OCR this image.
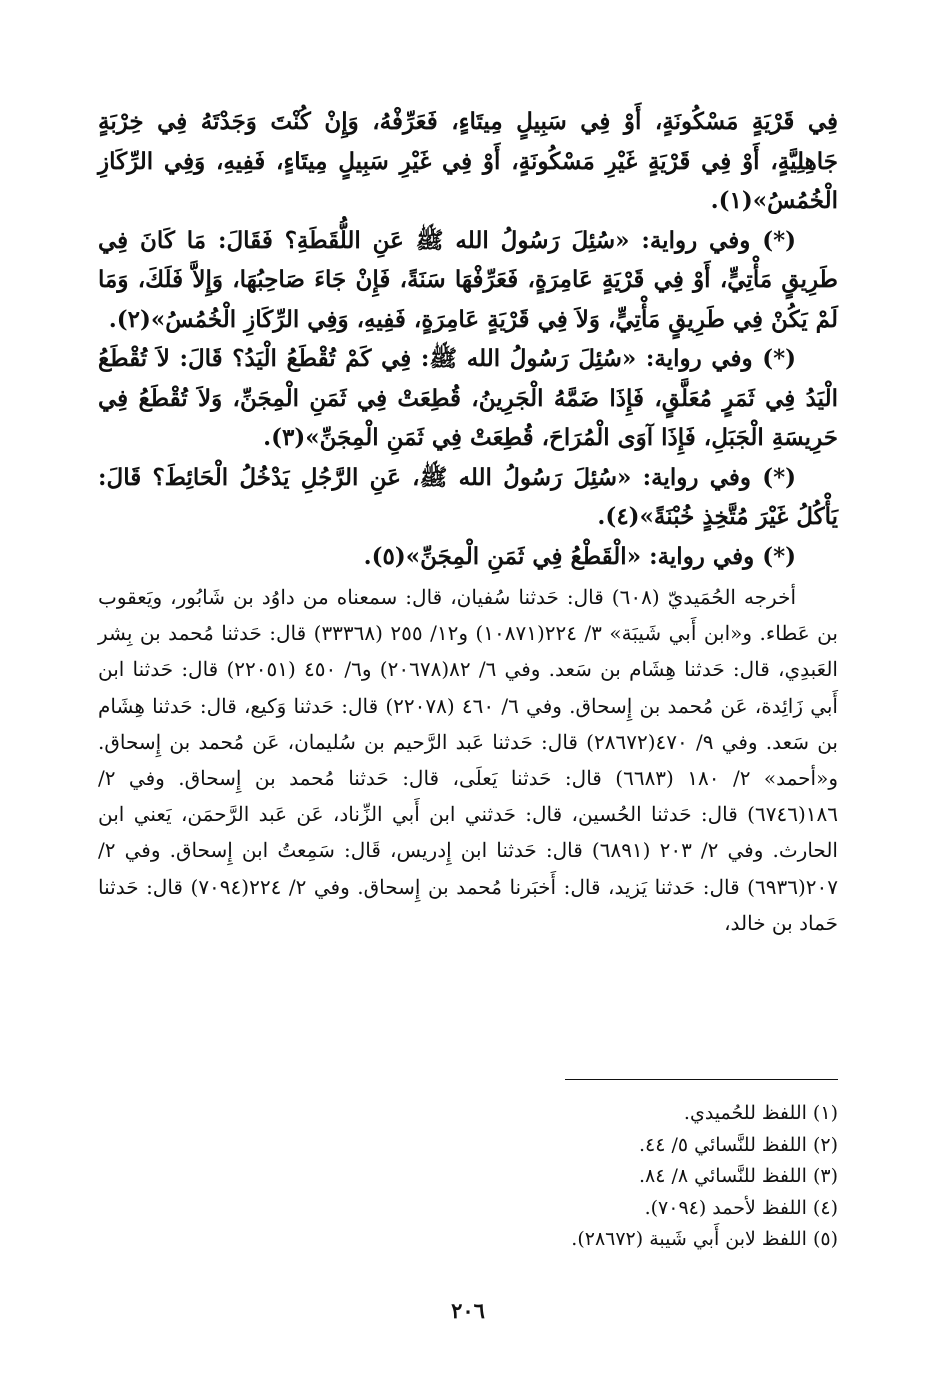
فِي قَرْيَةٍ مَسْكُونَةٍ، أَوْ فِي سَبِيلٍ مِيتَاءٍ، فَعَرِّفْهُ، وَإِنْ كُنْتَ وَجَدْتَهُ فِي خِرْبَةٍ جَاهِلِيَّةٍ، أَوْ فِي قَرْيَةٍ غَيْرِ مَسْكُونَةٍ، أَوْ فِي غَيْرِ سَبِيلٍ مِيتَاءٍ، فَفِيهِ، وَفِي الرِّكَازِ الْخُمُسُ»(١).

(*) وفي رواية: «سُئِلَ رَسُولُ الله ﷺ عَنِ اللُّقَطَةِ؟ فَقَالَ: مَا كَانَ فِي طَرِيقٍ مَأْتِيٍّ، أَوْ فِي قَرْيَةٍ عَامِرَةٍ، فَعَرِّفْهَا سَنَةً، فَإِنْ جَاءَ صَاحِبُهَا، وَإِلاَّ فَلَكَ، وَمَا لَمْ يَكُنْ فِي طَرِيقٍ مَأْتِيٍّ، وَلاَ فِي قَرْيَةٍ عَامِرَةٍ، فَفِيهِ، وَفِي الرِّكَازِ الْخُمُسُ»(٢).

(*) وفي رواية: «سُئِلَ رَسُولُ الله ﷺ: فِي كَمْ تُقْطَعُ الْيَدُ؟ قَالَ: لاَ تُقْطَعُ الْيَدُ فِي ثَمَرٍ مُعَلَّقٍ، فَإِذَا ضَمَّهُ الْجَرِينُ، قُطِعَتْ فِي ثَمَنِ الْمِجَنِّ، وَلاَ تُقْطَعُ فِي حَرِيسَةِ الْجَبَلِ، فَإِذَا آوَى الْمُرَاحَ، قُطِعَتْ فِي ثَمَنِ الْمِجَنِّ»(٣).

(*) وفي رواية: «سُئِلَ رَسُولُ الله ﷺ، عَنِ الرَّجُلِ يَدْخُلُ الْحَائِطَ؟ قَالَ: يَأْكُلُ غَيْرَ مُتَّخِذٍ خُبْنَةً»(٤).

(*) وفي رواية: «الْقَطْعُ فِي ثَمَنِ الْمِجَنِّ»(٥).

أخرجه الحُمَيديّ (٦٠٨) قال: حَدثنا سُفيان، قال: سمعناه من داوُد بن شَابُور، ويَعقوب بن عَطاء. و«ابن أَبي شَيبَة» ٣/ ٢٢٤(١٠٨٧١) و١٢/ ٢٥٥ (٣٣٣٦٨) قال: حَدثنا مُحمد بن بِشر العَبدِي، قال: حَدثنا هِشَام بن سَعد. وفي ٦/ ٨٢(٢٠٦٧٨) و٦/ ٤٥٠ (٢٢٠٥١) قال: حَدثنا ابن أَبي زَائِدة، عَن مُحمد بن إِسحاق. وفي ٦/ ٤٦٠ (٢٢٠٧٨) قال: حَدثنا وَكيع، قال: حَدثنا هِشَام بن سَعد. وفي ٩/ ٤٧٠(٢٨٦٧٢) قال: حَدثنا عَبد الرَّحيم بن سُليمان، عَن مُحمد بن إِسحاق. و«أحمد» ٢/ ١٨٠ (٦٦٨٣) قال: حَدثنا يَعلَى، قال: حَدثنا مُحمد بن إِسحاق. وفي ٢/ ١٨٦(٦٧٤٦) قال: حَدثنا الحُسين، قال: حَدثني ابن أَبي الزِّناد، عَن عَبد الرَّحمَن، يَعني ابن الحارث. وفي ٢/ ٢٠٣ (٦٨٩١) قال: حَدثنا ابن إِدريس، قَال: سَمِعتُ ابن إِسحاق. وفي ٢/ ٢٠٧(٦٩٣٦) قال: حَدثنا يَزيد، قال: أَخبَرنا مُحمد بن إِسحاق. وفي ٢/ ٢٢٤(٧٠٩٤) قال: حَدثنا حَماد بن خالد،

(١) اللفظ للحُميدي.
(٢) اللفظ للنَّسائي ٥/ ٤٤.
(٣) اللفظ للنَّسائي ٨/ ٨٤.
(٤) اللفظ لأحمد (٧٠٩٤).
(٥) اللفظ لابن أَبي شَيبة (٢٨٦٧٢).
٢٠٦
